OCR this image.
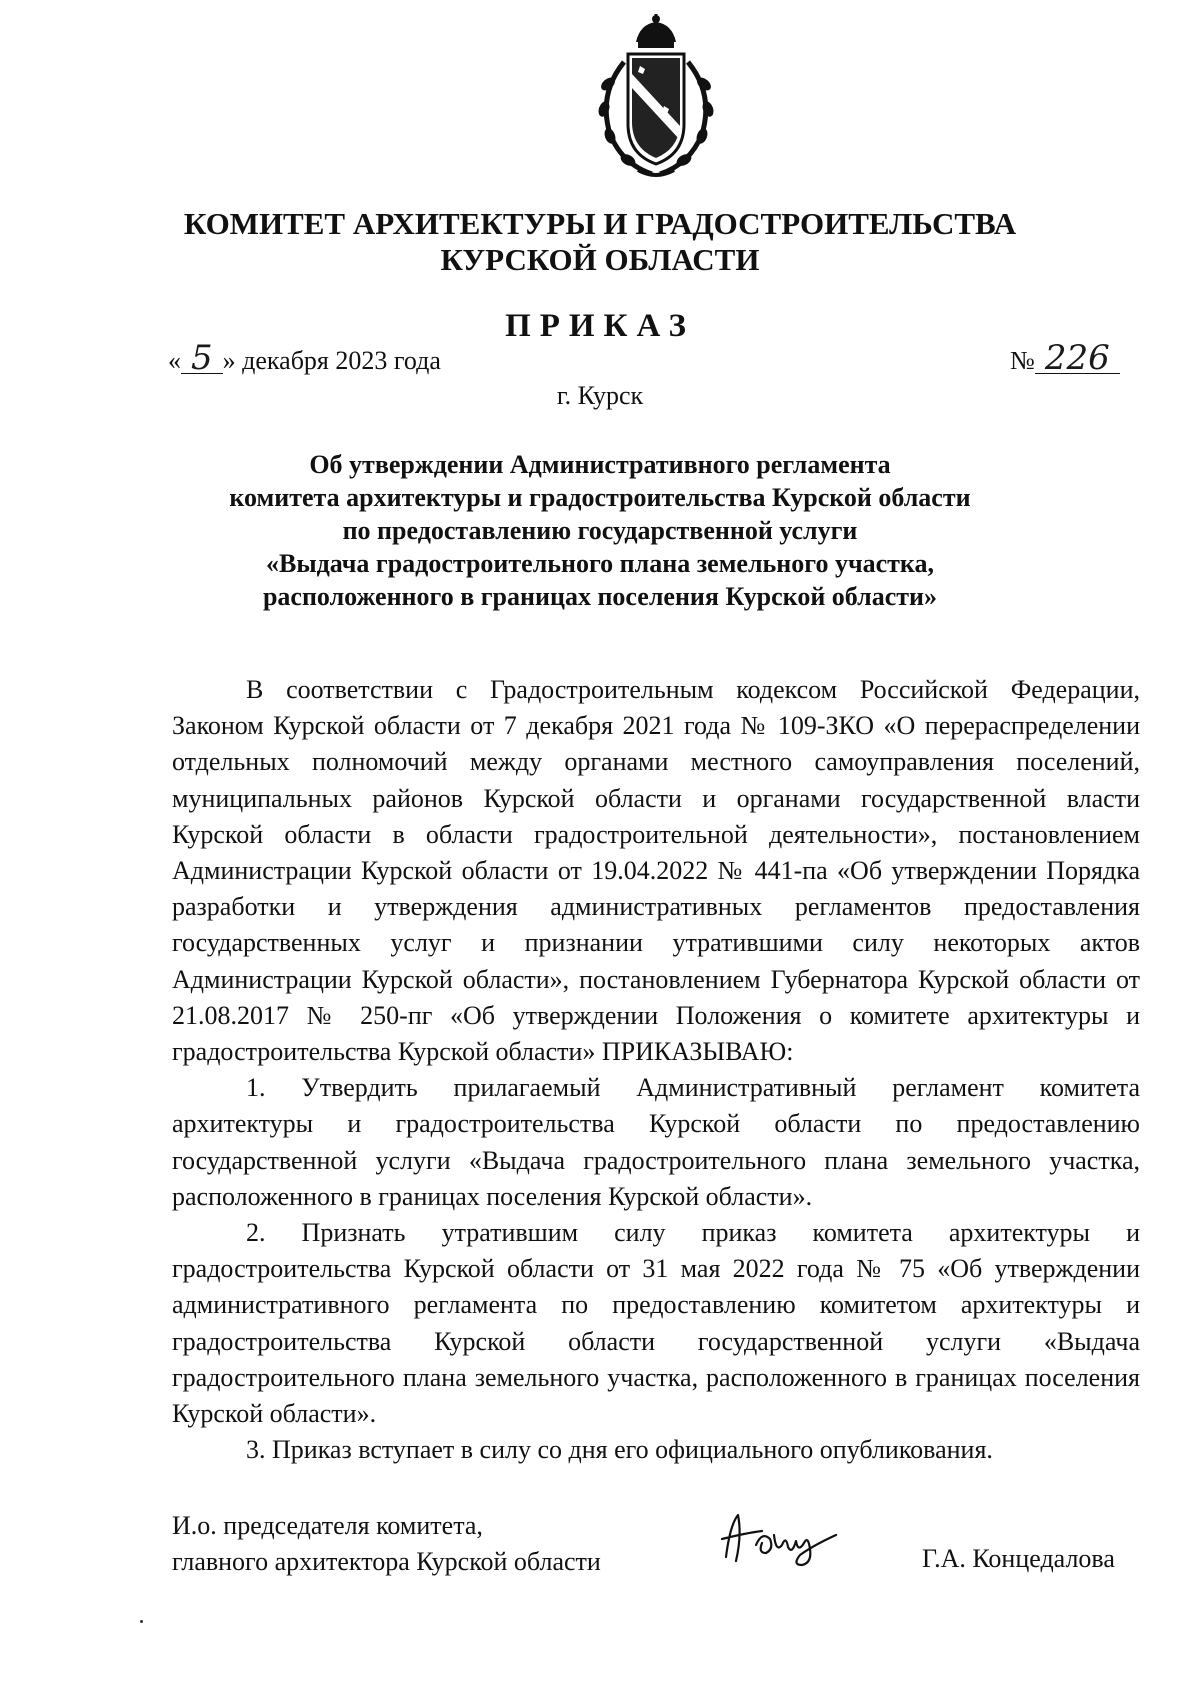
КОМИТЕТ АРХИТЕКТУРЫ И ГРАДОСТРОИТЕЛЬСТВА
КУРСКОЙ ОБЛАСТИ
ПРИКАЗ
« 5 » декабря 2023 года	№ 226
г. Курск
Об утверждении Административного регламента
комитета архитектуры и градостроительства Курской области
по предоставлению государственной услуги
«Выдача градостроительного плана земельного участка,
расположенного в границах поселения Курской области»

В соответствии с Градостроительным кодексом Российской Федерации, Законом Курской области от 7 декабря 2021 года № 109-ЗКО «О перераспределении отдельных полномочий между органами местного самоуправления поселений, муниципальных районов Курской области и органами государственной власти Курской области в области градостроительной деятельности», постановлением Администрации Курской области от 19.04.2022 № 441-па «Об утверждении Порядка разработки и утверждения административных регламентов предоставления государственных услуг и признании утратившими силу некоторых актов Администрации Курской области», постановлением Губернатора Курской области от 21.08.2017 № 250-пг «Об утверждении Положения о комитете архитектуры и градостроительства Курской области» ПРИКАЗЫВАЮ:

1. Утвердить прилагаемый Административный регламент комитета архитектуры и градостроительства Курской области по предоставлению государственной услуги «Выдача градостроительного плана земельного участка, расположенного в границах поселения Курской области».

2. Признать утратившим силу приказ комитета архитектуры и градостроительства Курской области от 31 мая 2022 года № 75 «Об утверждении административного регламента по предоставлению комитетом архитектуры и градостроительства Курской области государственной услуги «Выдача градостроительного плана земельного участка, расположенного в границах поселения Курской области».

3. Приказ вступает в силу со дня его официального опубликования.

И.о. председателя комитета,
главного архитектора Курской области	Г.А. Концедалова
